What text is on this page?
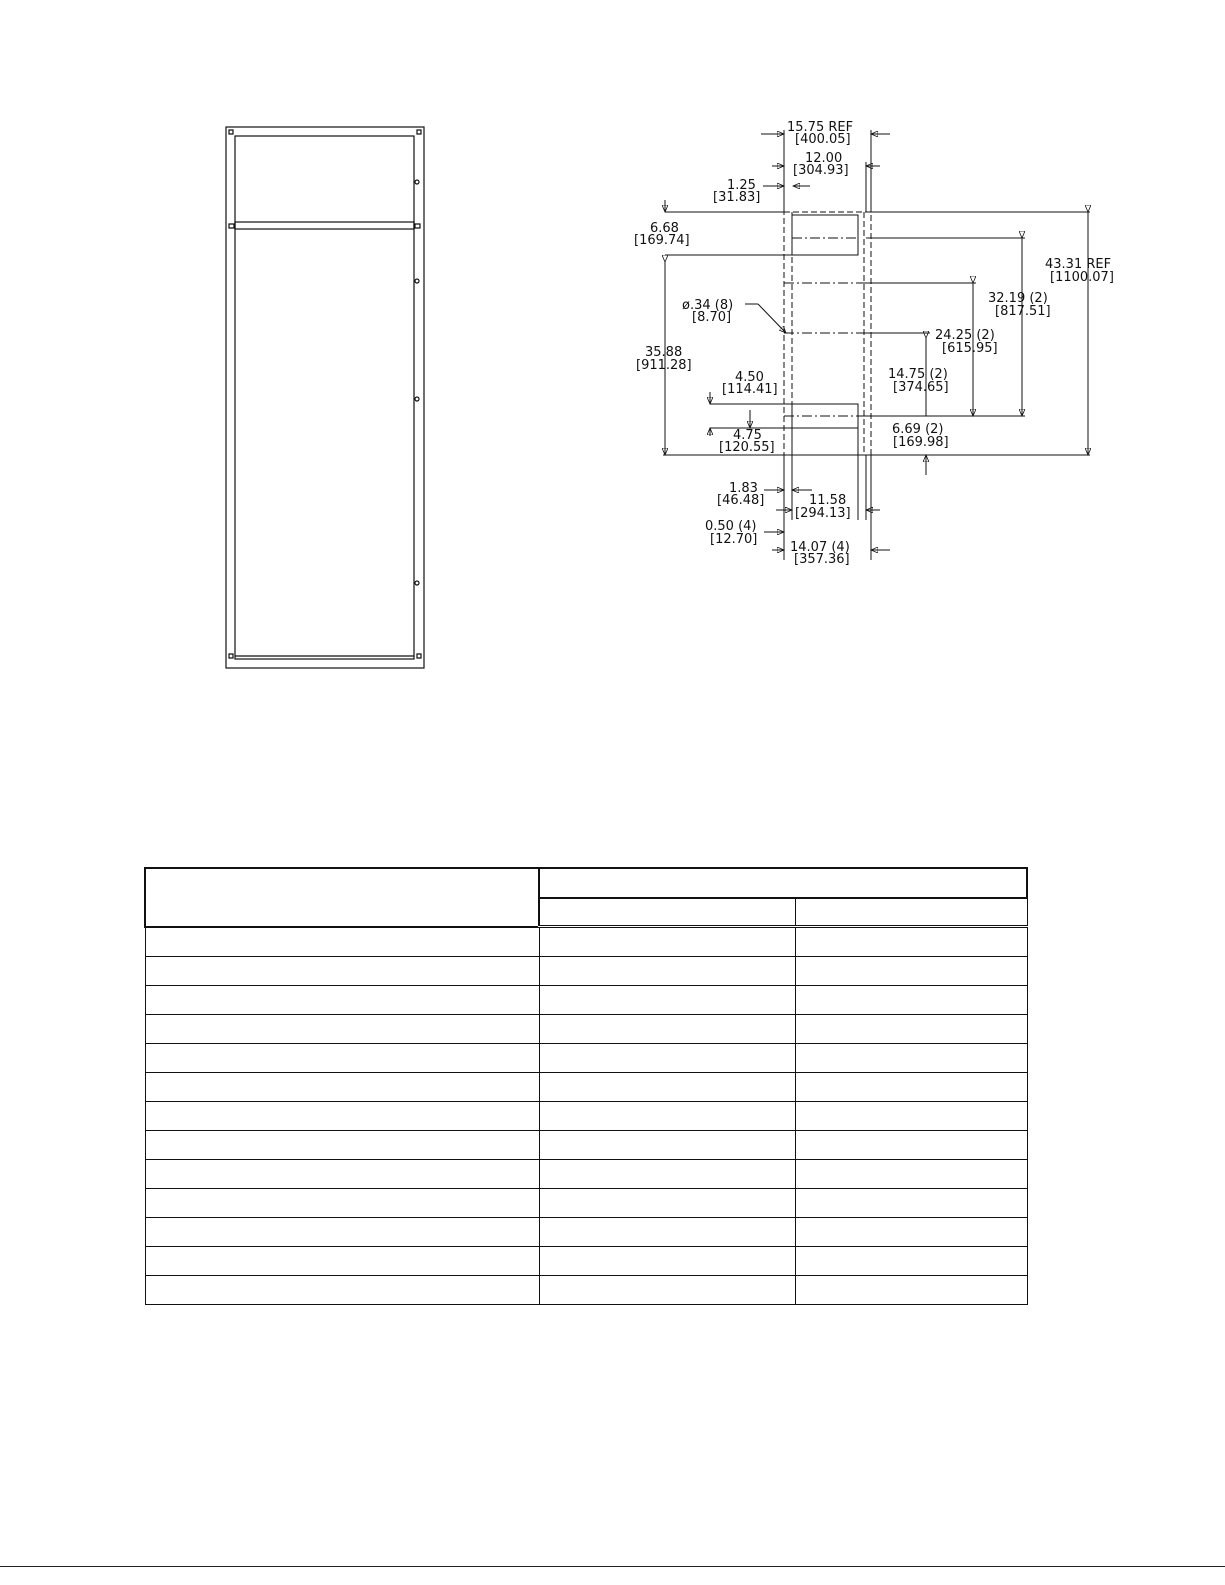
15.75 REF
[400.05]
12.00
[304.93]
1.25
[31.83]
6.68
[169.74]
43.31 REF
[1100.07]
32.19 (2)
[817.51]
ø.34 (8)
[8.70]
24.25 (2)
[615.95]
35.88
[911.28]
14.75 (2)
[374.65]
4.50
[114.41]
6.69 (2)
[169.98]
4.75
[120.55]
1.83
[46.48]	11.58
[294.13]
0.50 (4)
[12.70]
14.07 (4)
[357.36]
